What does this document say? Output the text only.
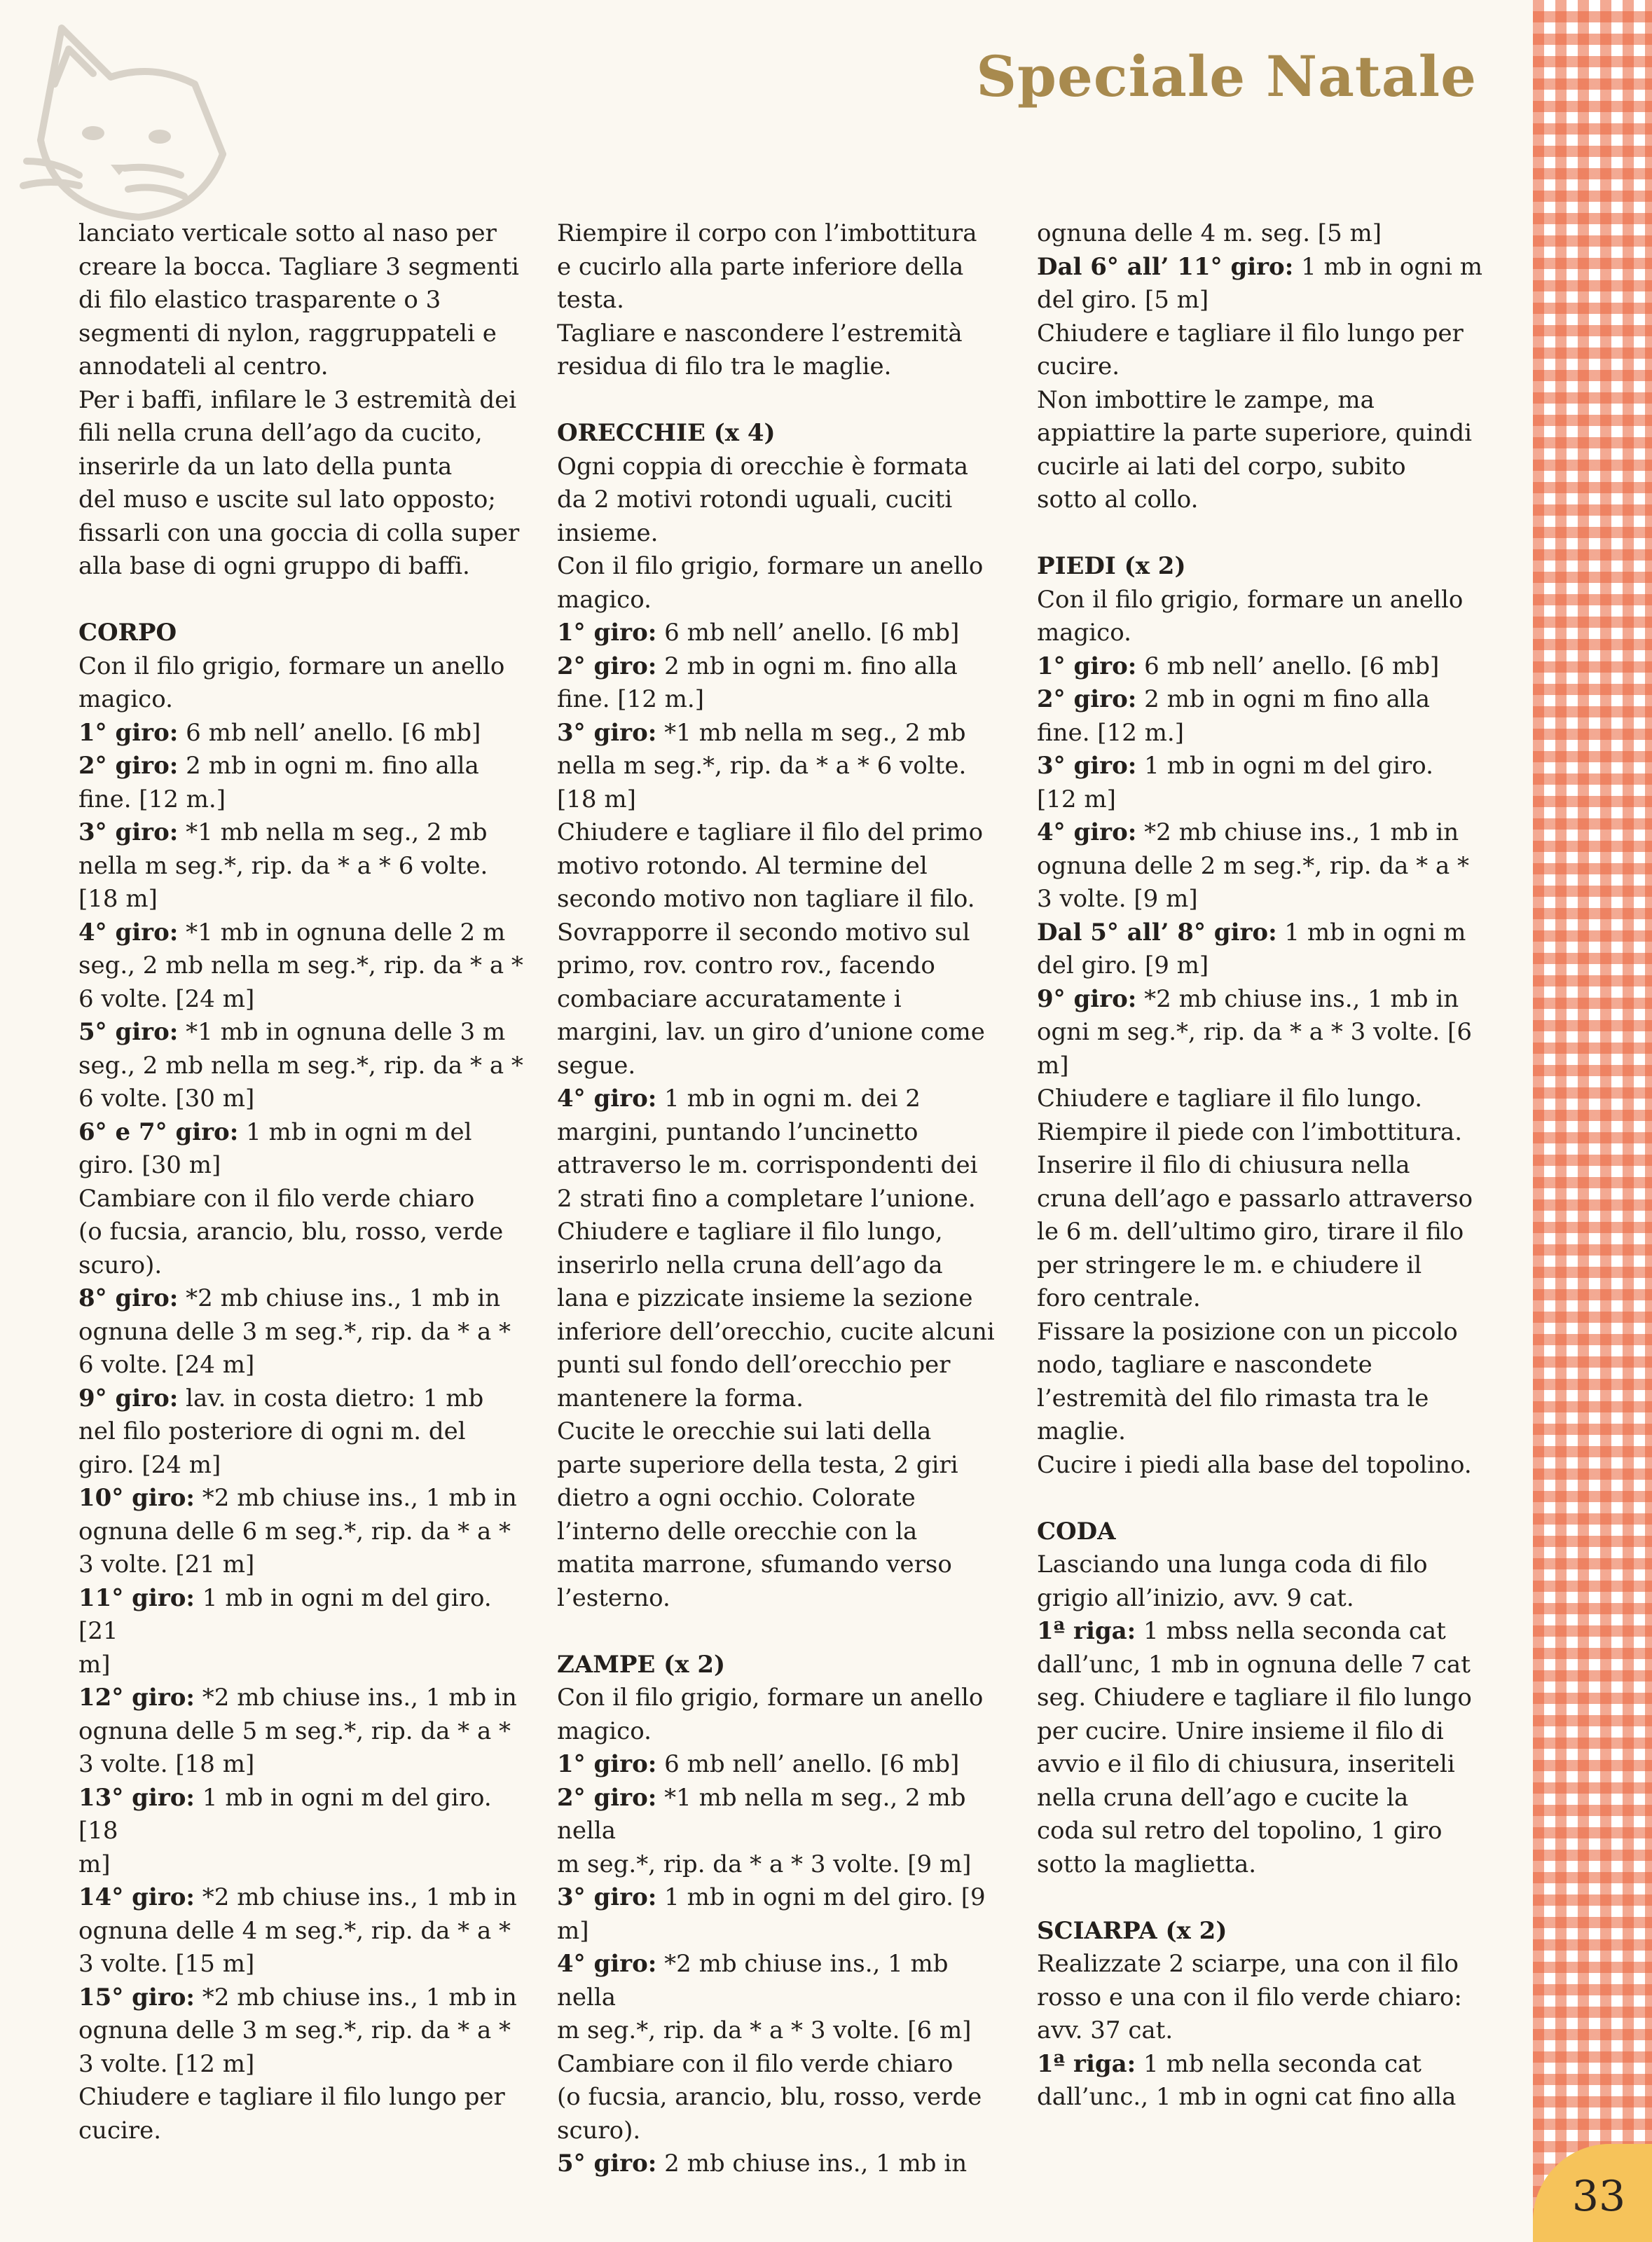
33
Speciale Natale

lanciato verticale sotto al naso per

creare la bocca. Tagliare 3 segmenti

di filo elastico trasparente o 3

segmenti di nylon, raggruppateli e

annodateli al centro.

Per i baffi, infilare le 3 estremità dei

fili nella cruna dell’ago da cucito,

inserirle da un lato della punta

del muso e uscite sul lato opposto;

fissarli con una goccia di colla super

alla base di ogni gruppo di baffi.

CORPO

Con il filo grigio, formare un anello

magico.

1° giro: 6 mb nell’ anello. [6 mb]

2° giro: 2 mb in ogni m. fino alla

fine. [12 m.]

3° giro: *1 mb nella m seg., 2 mb

nella m seg.*, rip. da * a * 6 volte.

[18 m]

4° giro: *1 mb in ognuna delle 2 m

seg., 2 mb nella m seg.*, rip. da * a *

6 volte. [24 m]

5° giro: *1 mb in ognuna delle 3 m

seg., 2 mb nella m seg.*, rip. da * a *

6 volte. [30 m]

6° e 7° giro: 1 mb in ogni m del

giro. [30 m]

Cambiare con il filo verde chiaro

(o fucsia, arancio, blu, rosso, verde

scuro).

8° giro: *2 mb chiuse ins., 1 mb in

ognuna delle 3 m seg.*, rip. da * a *

6 volte. [24 m]

9° giro: lav. in costa dietro: 1 mb

nel filo posteriore di ogni m. del

giro. [24 m]

10° giro: *2 mb chiuse ins., 1 mb in

ognuna delle 6 m seg.*, rip. da * a *

3 volte. [21 m]

11° giro: 1 mb in ogni m del giro. [21

m]

12° giro: *2 mb chiuse ins., 1 mb in

ognuna delle 5 m seg.*, rip. da * a *

3 volte. [18 m]

13° giro: 1 mb in ogni m del giro. [18

m]

14° giro: *2 mb chiuse ins., 1 mb in

ognuna delle 4 m seg.*, rip. da * a *

3 volte. [15 m]

15° giro: *2 mb chiuse ins., 1 mb in

ognuna delle 3 m seg.*, rip. da * a *

3 volte. [12 m]

Chiudere e tagliare il filo lungo per

cucire.

Riempire il corpo con l’imbottitura

e cucirlo alla parte inferiore della

testa.

Tagliare e nascondere l’estremità

residua di filo tra le maglie.

ORECCHIE (x 4)

Ogni coppia di orecchie è formata

da 2 motivi rotondi uguali, cuciti

insieme.

Con il filo grigio, formare un anello

magico.

1° giro: 6 mb nell’ anello. [6 mb]

2° giro: 2 mb in ogni m. fino alla

fine. [12 m.]

3° giro: *1 mb nella m seg., 2 mb

nella m seg.*, rip. da * a * 6 volte.

[18 m]

Chiudere e tagliare il filo del primo

motivo rotondo. Al termine del

secondo motivo non tagliare il filo.

Sovrapporre il secondo motivo sul

primo, rov. contro rov., facendo

combaciare accuratamente i

margini, lav. un giro d’unione come

segue.

4° giro: 1 mb in ogni m. dei 2

margini, puntando l’uncinetto

attraverso le m. corrispondenti dei

2 strati fino a completare l’unione.

Chiudere e tagliare il filo lungo,

inserirlo nella cruna dell’ago da

lana e pizzicate insieme la sezione

inferiore dell’orecchio, cucite alcuni

punti sul fondo dell’orecchio per

mantenere la forma.

Cucite le orecchie sui lati della

parte superiore della testa, 2 giri

dietro a ogni occhio. Colorate

l’interno delle orecchie con la

matita marrone, sfumando verso

l’esterno.

ZAMPE (x 2)

Con il filo grigio, formare un anello

magico.

1° giro: 6 mb nell’ anello. [6 mb]

2° giro: *1 mb nella m seg., 2 mb nella

m seg.*, rip. da * a * 3 volte. [9 m]

3° giro: 1 mb in ogni m del giro. [9 m]

4° giro: *2 mb chiuse ins., 1 mb nella

m seg.*, rip. da * a * 3 volte. [6 m]

Cambiare con il filo verde chiaro

(o fucsia, arancio, blu, rosso, verde

scuro).

5° giro: 2 mb chiuse ins., 1 mb in

ognuna delle 4 m. seg. [5 m]

Dal 6° all’ 11° giro: 1 mb in ogni m

del giro. [5 m]

Chiudere e tagliare il filo lungo per

cucire.

Non imbottire le zampe, ma

appiattire la parte superiore, quindi

cucirle ai lati del corpo, subito

sotto al collo.

PIEDI (x 2)

Con il filo grigio, formare un anello

magico.

1° giro: 6 mb nell’ anello. [6 mb]

2° giro: 2 mb in ogni m fino alla

fine. [12 m.]

3° giro: 1 mb in ogni m del giro.

[12 m]

4° giro: *2 mb chiuse ins., 1 mb in

ognuna delle 2 m seg.*, rip. da * a *

3 volte. [9 m]

Dal 5° all’ 8° giro: 1 mb in ogni m

del giro. [9 m]

9° giro: *2 mb chiuse ins., 1 mb in

ogni m seg.*, rip. da * a * 3 volte. [6 m]

Chiudere e tagliare il filo lungo.

Riempire il piede con l’imbottitura.

Inserire il filo di chiusura nella

cruna dell’ago e passarlo attraverso

le 6 m. dell’ultimo giro, tirare il filo

per stringere le m. e chiudere il

foro centrale.

Fissare la posizione con un piccolo

nodo, tagliare e nascondete

l’estremità del filo rimasta tra le

maglie.

Cucire i piedi alla base del topolino.

CODA

Lasciando una lunga coda di filo

grigio all’inizio, avv. 9 cat.

1ª riga: 1 mbss nella seconda cat

dall’unc, 1 mb in ognuna delle 7 cat

seg. Chiudere e tagliare il filo lungo

per cucire. Unire insieme il filo di

avvio e il filo di chiusura, inseriteli

nella cruna dell’ago e cucite la

coda sul retro del topolino, 1 giro

sotto la maglietta.

SCIARPA (x 2)

Realizzate 2 sciarpe, una con il filo

rosso e una con il filo verde chiaro:

avv. 37 cat.

1ª riga: 1 mb nella seconda cat

dall’unc., 1 mb in ogni cat fino alla
